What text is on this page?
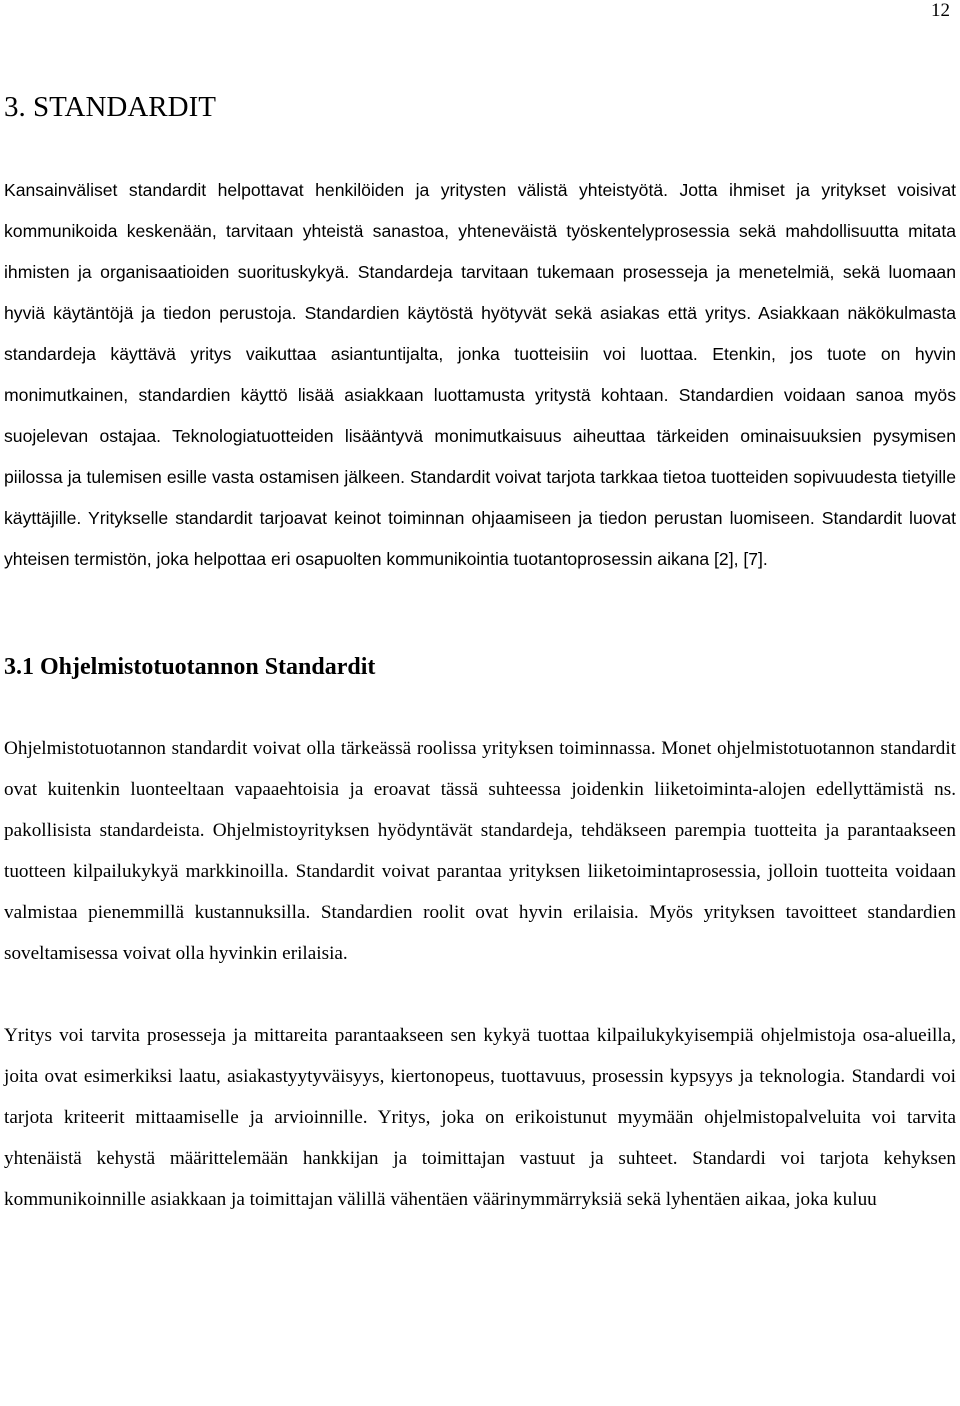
12
3. STANDARDIT

Kansainväliset standardit helpottavat henkilöiden ja yritysten välistä yhteistyötä. Jotta ihmiset ja yritykset voisivat kommunikoida keskenään, tarvitaan yhteistä sanastoa, yhteneväistä työskentelyprosessia sekä mahdollisuutta mitata ihmisten ja organisaatioiden suorituskykyä. Standardeja tarvitaan tukemaan prosesseja ja menetelmiä, sekä luomaan hyviä käytäntöjä ja tiedon perustoja. Standardien käytöstä hyötyvät sekä asiakas että yritys. Asiakkaan näkökulmasta standardeja käyttävä yritys vaikuttaa asiantuntijalta, jonka tuotteisiin voi luottaa. Etenkin, jos tuote on hyvin monimutkainen, standardien käyttö lisää asiakkaan luottamusta yritystä kohtaan. Standardien voidaan sanoa myös suojelevan ostajaa. Teknologiatuotteiden lisääntyvä monimutkaisuus aiheuttaa tärkeiden ominaisuuksien pysymisen piilossa ja tulemisen esille vasta ostamisen jälkeen. Standardit voivat tarjota tarkkaa tietoa tuotteiden sopivuudesta tietyille käyttäjille. Yritykselle standardit tarjoavat keinot toiminnan ohjaamiseen ja tiedon perustan luomiseen. Standardit luovat yhteisen termistön, joka helpottaa eri osapuolten kommunikointia tuotantoprosessin aikana [2], [7].

3.1 Ohjelmistotuotannon Standardit

Ohjelmistotuotannon standardit voivat olla tärkeässä roolissa yrityksen toiminnassa. Monet ohjelmistotuotannon standardit ovat kuitenkin luonteeltaan vapaaehtoisia ja eroavat tässä suhteessa joidenkin liiketoiminta-alojen edellyttämistä ns. pakollisista standardeista. Ohjelmistoyrityksen hyödyntävät standardeja, tehdäkseen parempia tuotteita ja parantaakseen tuotteen kilpailukykyä markkinoilla. Standardit voivat parantaa yrityksen liiketoimintaprosessia, jolloin tuotteita voidaan valmistaa pienemmillä kustannuksilla. Standardien roolit ovat hyvin erilaisia. Myös yrityksen tavoitteet standardien soveltamisessa voivat olla hyvinkin erilaisia.

Yritys voi tarvita prosesseja ja mittareita parantaakseen sen kykyä tuottaa kilpailukykyisempiä ohjelmistoja osa-alueilla, joita ovat esimerkiksi laatu, asiakastyytyväisyys, kiertonopeus, tuottavuus, prosessin kypsyys ja teknologia. Standardi voi tarjota kriteerit mittaamiselle ja arvioinnille. Yritys, joka on erikoistunut myymään ohjelmistopalveluita voi tarvita yhtenäistä kehystä määrittelemään hankkijan ja toimittajan vastuut ja suhteet. Standardi voi tarjota kehyksen kommunikoinnille asiakkaan ja toimittajan välillä vähentäen väärinymmärryksiä sekä lyhentäen aikaa, joka kuluu
